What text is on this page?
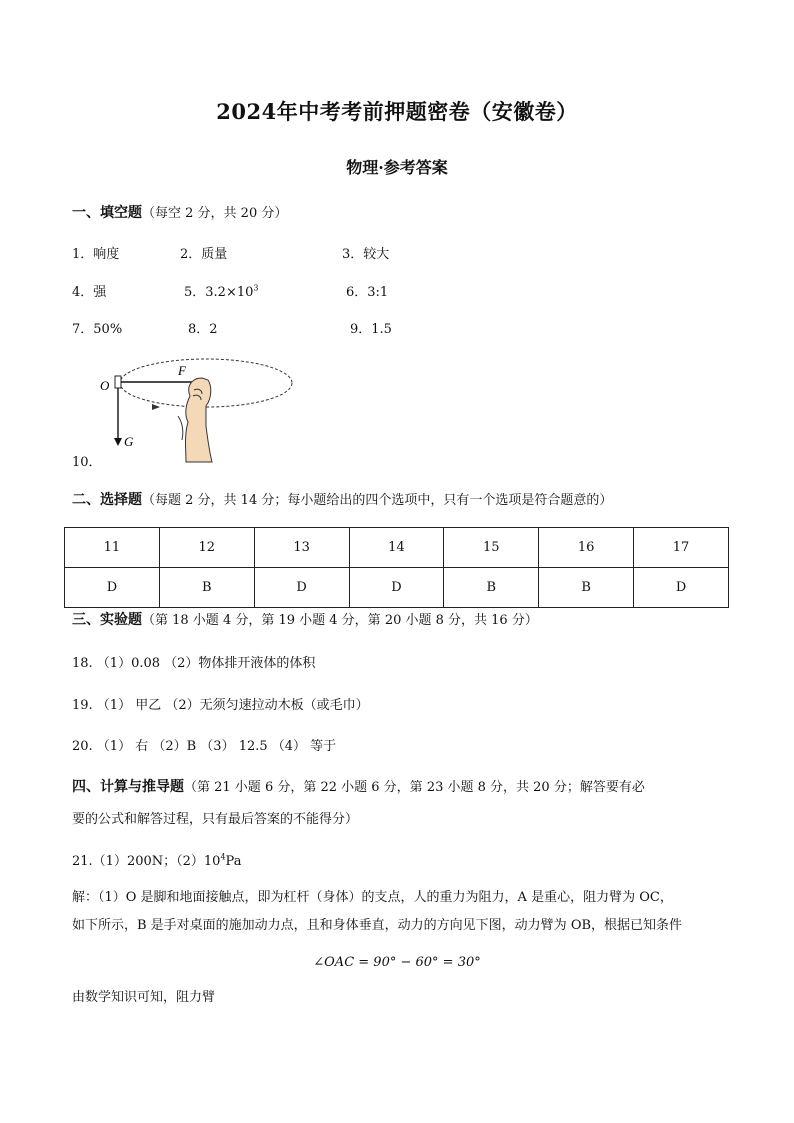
2024年中考考前押题密卷（安徽卷）
物理·参考答案
一、填空题（每空 2 分，共 20 分）
1．响度	2．质量	3．较大
4．强	5．$3.2\times 10^3$	6．3:1
7．50%	8．2	9．1.5
O
F
G
10．
二、选择题（每题 2 分，共 14 分；每小题给出的四个选项中，只有一个选项是符合题意的）
11	12	13	14	15	16	17
D	B	D	D	B	B	D
三、实验题（第 18 小题 4 分，第 19 小题 4 分，第 20 小题 8 分，共 16 分）
18. （1）0.08 （2）物体排开液体的体积
19. （1） 甲乙 （2）无须匀速拉动木板（或毛巾）
20. （1） 右 （2）B （3） 12.5 （4） 等于
四、计算与推导题（第 21 小题 6 分，第 22 小题 6 分，第 23 小题 8 分，共 20 分；解答要有必
要的公式和解答过程，只有最后答案的不能得分）
21.（1）200N；$(2)10^4Pa$
解：（1）O 是脚和地面接触点，即为杠杆（身体）的支点，人的重力为阻力，A 是重心，阻力臂为 OC，
如下所示，B 是手对桌面的施加动力点，且和身体垂直，动力的方向见下图，动力臂为 OB，根据已知条件
∠OAC = 90° − 60° = 30°
由数学知识可知，阻力臂
